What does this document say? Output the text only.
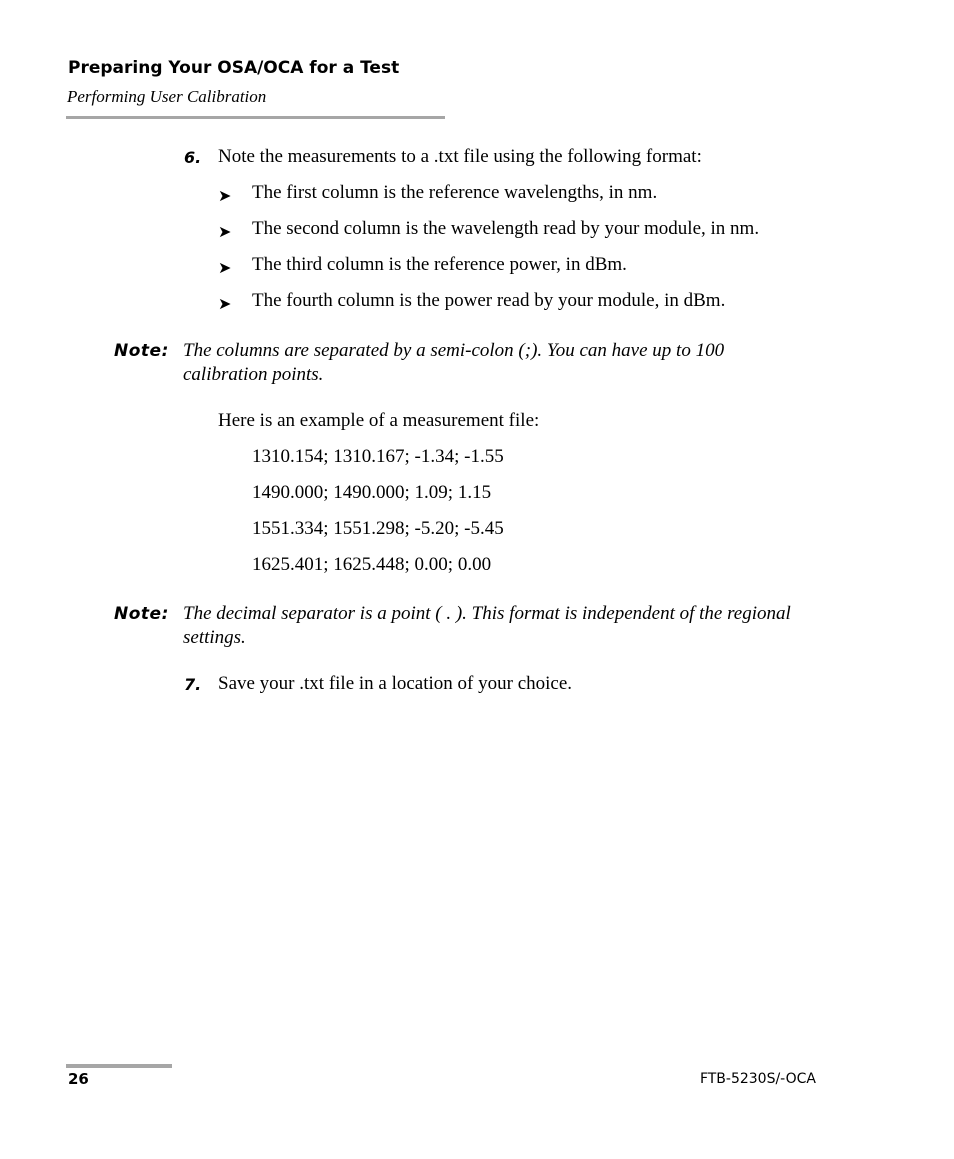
Preparing Your OSA/OCA for a Test
Performing User Calibration
6. Note the measurements to a .txt file using the following format:
➤ The first column is the reference wavelengths, in nm.
➤ The second column is the wavelength read by your module, in nm.
➤ The third column is the reference power, in dBm.
➤ The fourth column is the power read by your module, in dBm.
Note: The columns are separated by a semi-colon (;). You can have up to 100 calibration points.
Here is an example of a measurement file:
1310.154; 1310.167; -1.34; -1.55
1490.000; 1490.000; 1.09; 1.15
1551.334; 1551.298; -5.20; -5.45
1625.401; 1625.448; 0.00; 0.00
Note: The decimal separator is a point ( . ). This format is independent of the regional settings.
7. Save your .txt file in a location of your choice.
26	FTB-5230S/-OCA
